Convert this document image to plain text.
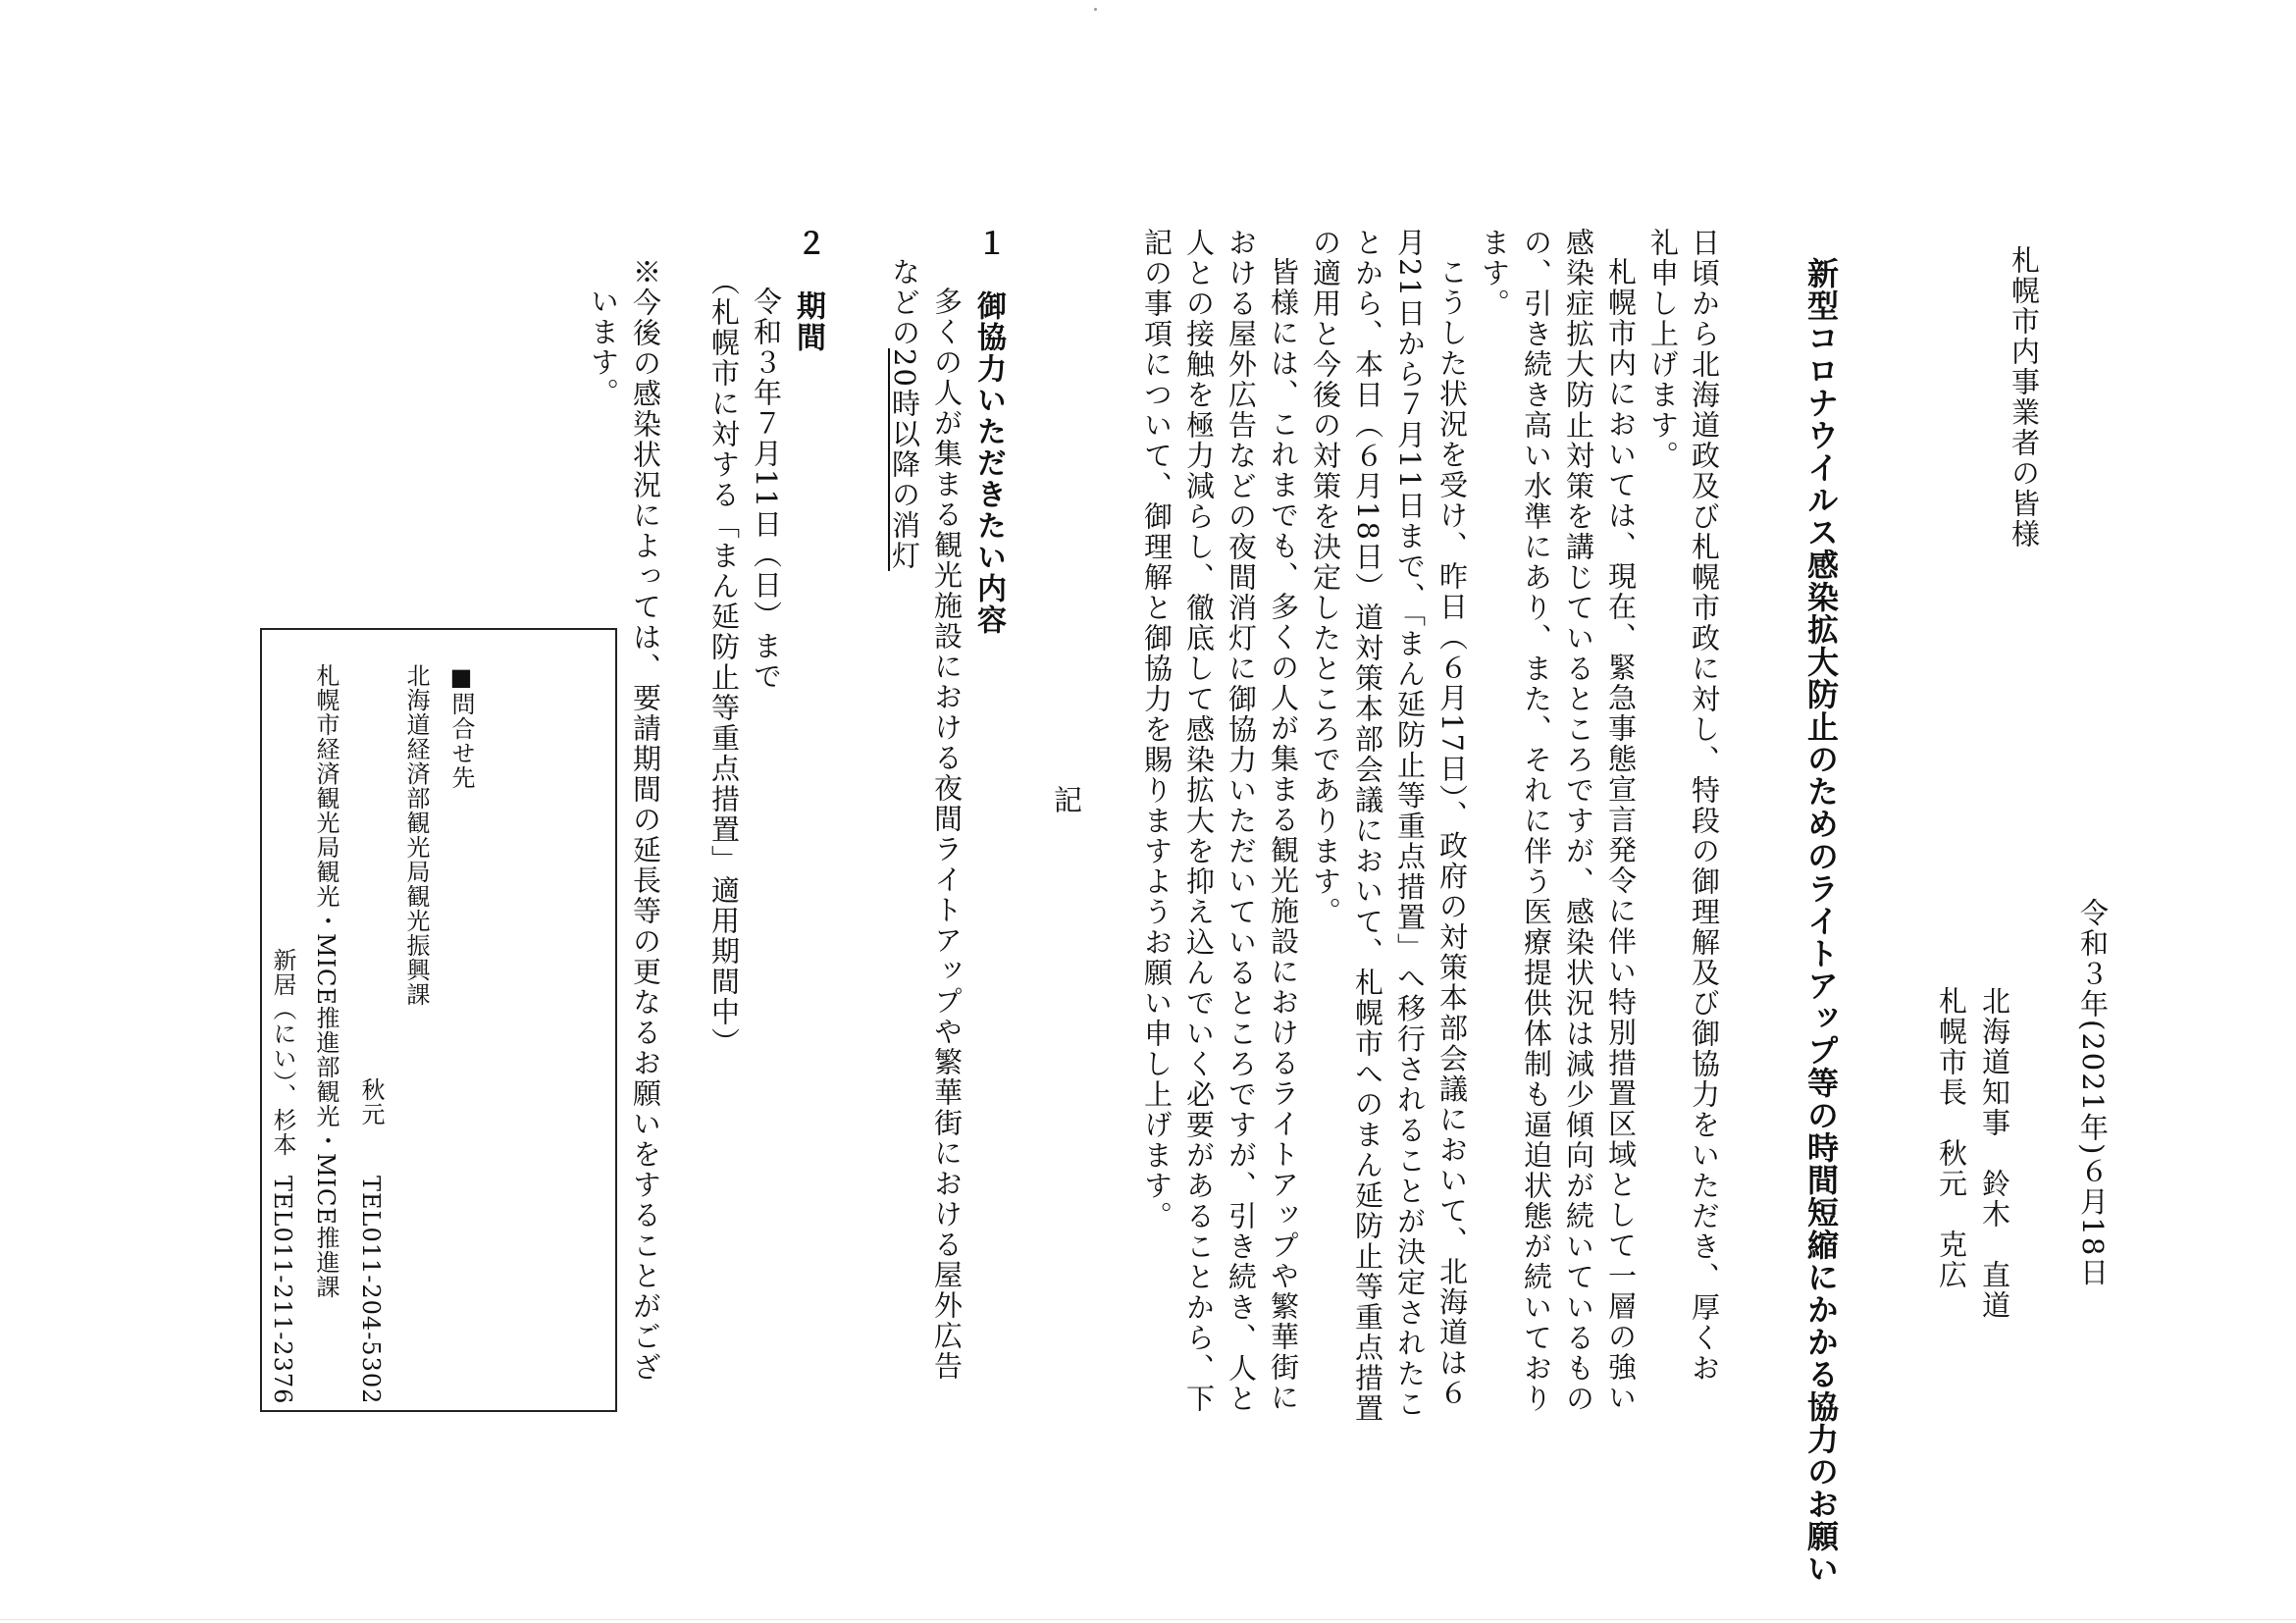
札幌市内事業者の皆様
令和３年(2021年)６月18日
北海道知事　鈴木　直道
札幌市長　秋元　克広
新型コロナウイルス感染拡大防止のためのライトアップ等の時間短縮にかかる協力のお願い
日頃から北海道政及び札幌市政に対し、特段の御理解及び御協力をいただき、厚くお
礼申し上げます。
札幌市内においては、現在、緊急事態宣言発令に伴い特別措置区域として一層の強い
感染症拡大防止対策を講じているところですが、感染状況は減少傾向が続いているもの
の、引き続き高い水準にあり、また、それに伴う医療提供体制も逼迫状態が続いており
ます。
こうした状況を受け、昨日（６月17日）、政府の対策本部会議において、北海道は６
月21日から７月11日まで、「まん延防止等重点措置」へ移行されることが決定されたこ
とから、本日（６月18日）道対策本部会議において、札幌市へのまん延防止等重点措置
の適用と今後の対策を決定したところであります。
皆様には、これまでも、多くの人が集まる観光施設におけるライトアップや繁華街に
おける屋外広告などの夜間消灯に御協力いただいているところですが、引き続き、人と
人との接触を極力減らし、徹底して感染拡大を抑え込んでいく必要があることから、下
記の事項について、御理解と御協力を賜りますようお願い申し上げます。
記
１　御協力いただきたい内容
多くの人が集まる観光施設における夜間ライトアップや繁華街における屋外広告
などの20時以降の消灯
２　期間
令和３年７月11日（日）まで
（札幌市に対する「まん延防止等重点措置」適用期間中）
※今後の感染状況によっては、要請期間の延長等の更なるお願いをすることがござ
います。
■問合せ先
北海道経済部観光局観光振興課
秋元
TEL011-204-5302
札幌市経済観光局観光・MICE推進部観光・MICE推進課
新居（にい）、杉本
TEL011-211-2376
